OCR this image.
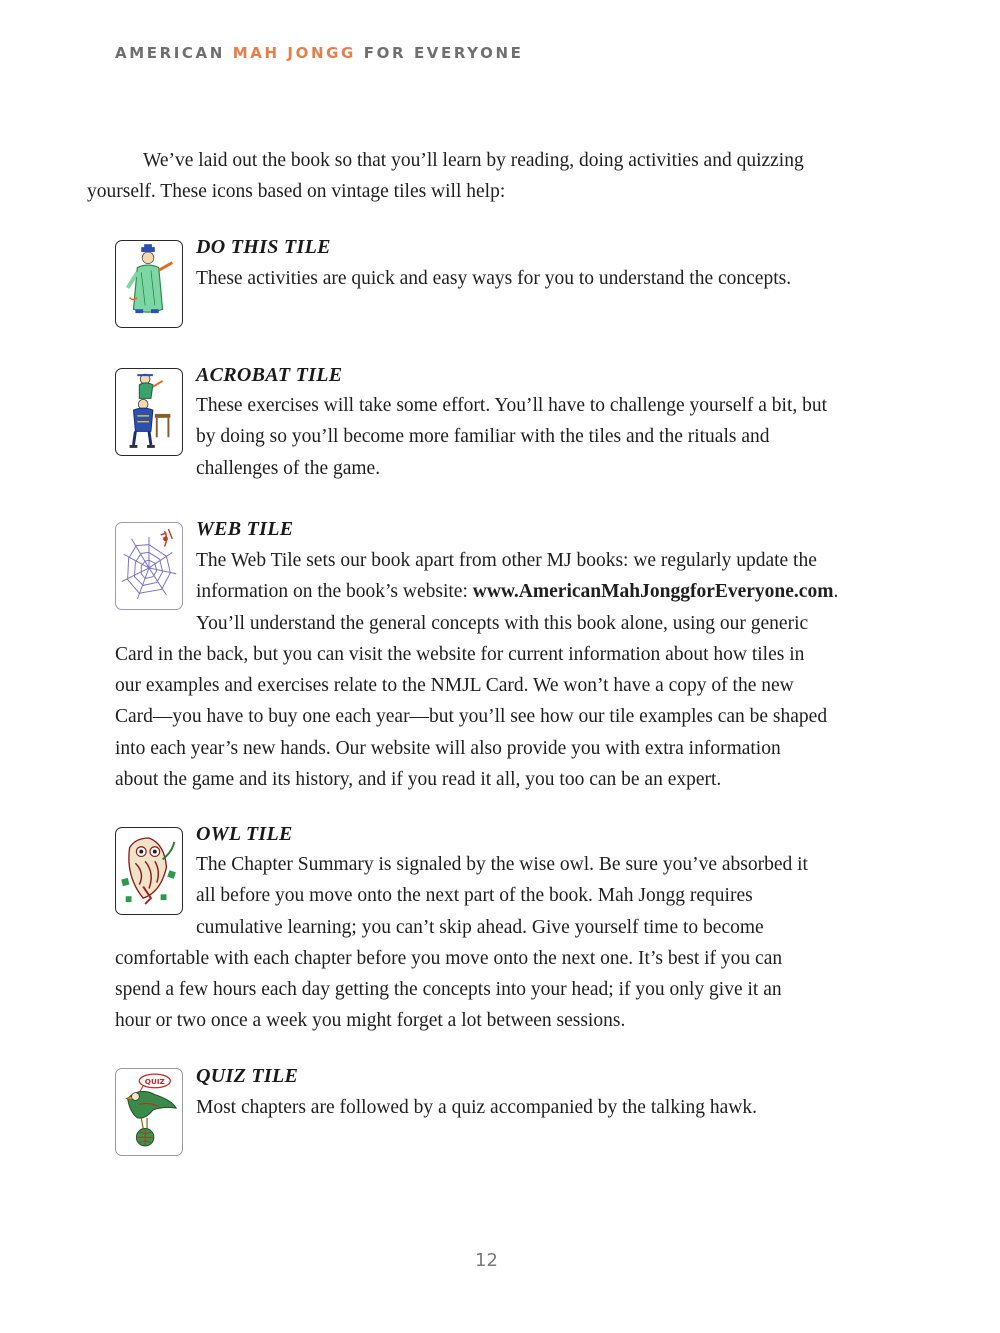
AMERICAN MAH JONGG FOR EVERYONE

We’ve laid out the book so that you’ll learn by reading, doing activities and quizzing
yourself. These icons based on vintage tiles will help:

DO THIS TILE

These activities are quick and easy ways for you to understand the concepts.

ACROBAT TILE

These exercises will take some effort. You’ll have to challenge yourself a bit, but
by doing so you’ll become more familiar with the tiles and the rituals and
challenges of the game.

WEB TILE

The Web Tile sets our book apart from other MJ books: we regularly update the
information on the book’s website: www.AmericanMahJonggforEveryone.com.
You’ll understand the general concepts with this book alone, using our generic
Card in the back, but you can visit the website for current information about how tiles in
our examples and exercises relate to the NMJL Card. We won’t have a copy of the new
Card—you have to buy one each year—but you’ll see how our tile examples can be shaped
into each year’s new hands. Our website will also provide you with extra information
about the game and its history, and if you read it all, you too can be an expert.

OWL TILE

The Chapter Summary is signaled by the wise owl. Be sure you’ve absorbed it
all before you move onto the next part of the book. Mah Jongg requires
cumulative learning; you can’t skip ahead. Give yourself time to become
comfortable with each chapter before you move onto the next one. It’s best if you can
spend a few hours each day getting the concepts into your head; if you only give it an
hour or two once a week you might forget a lot between sessions.

QUIZ QUIZ TILE

Most chapters are followed by a quiz accompanied by the talking hawk.

12
